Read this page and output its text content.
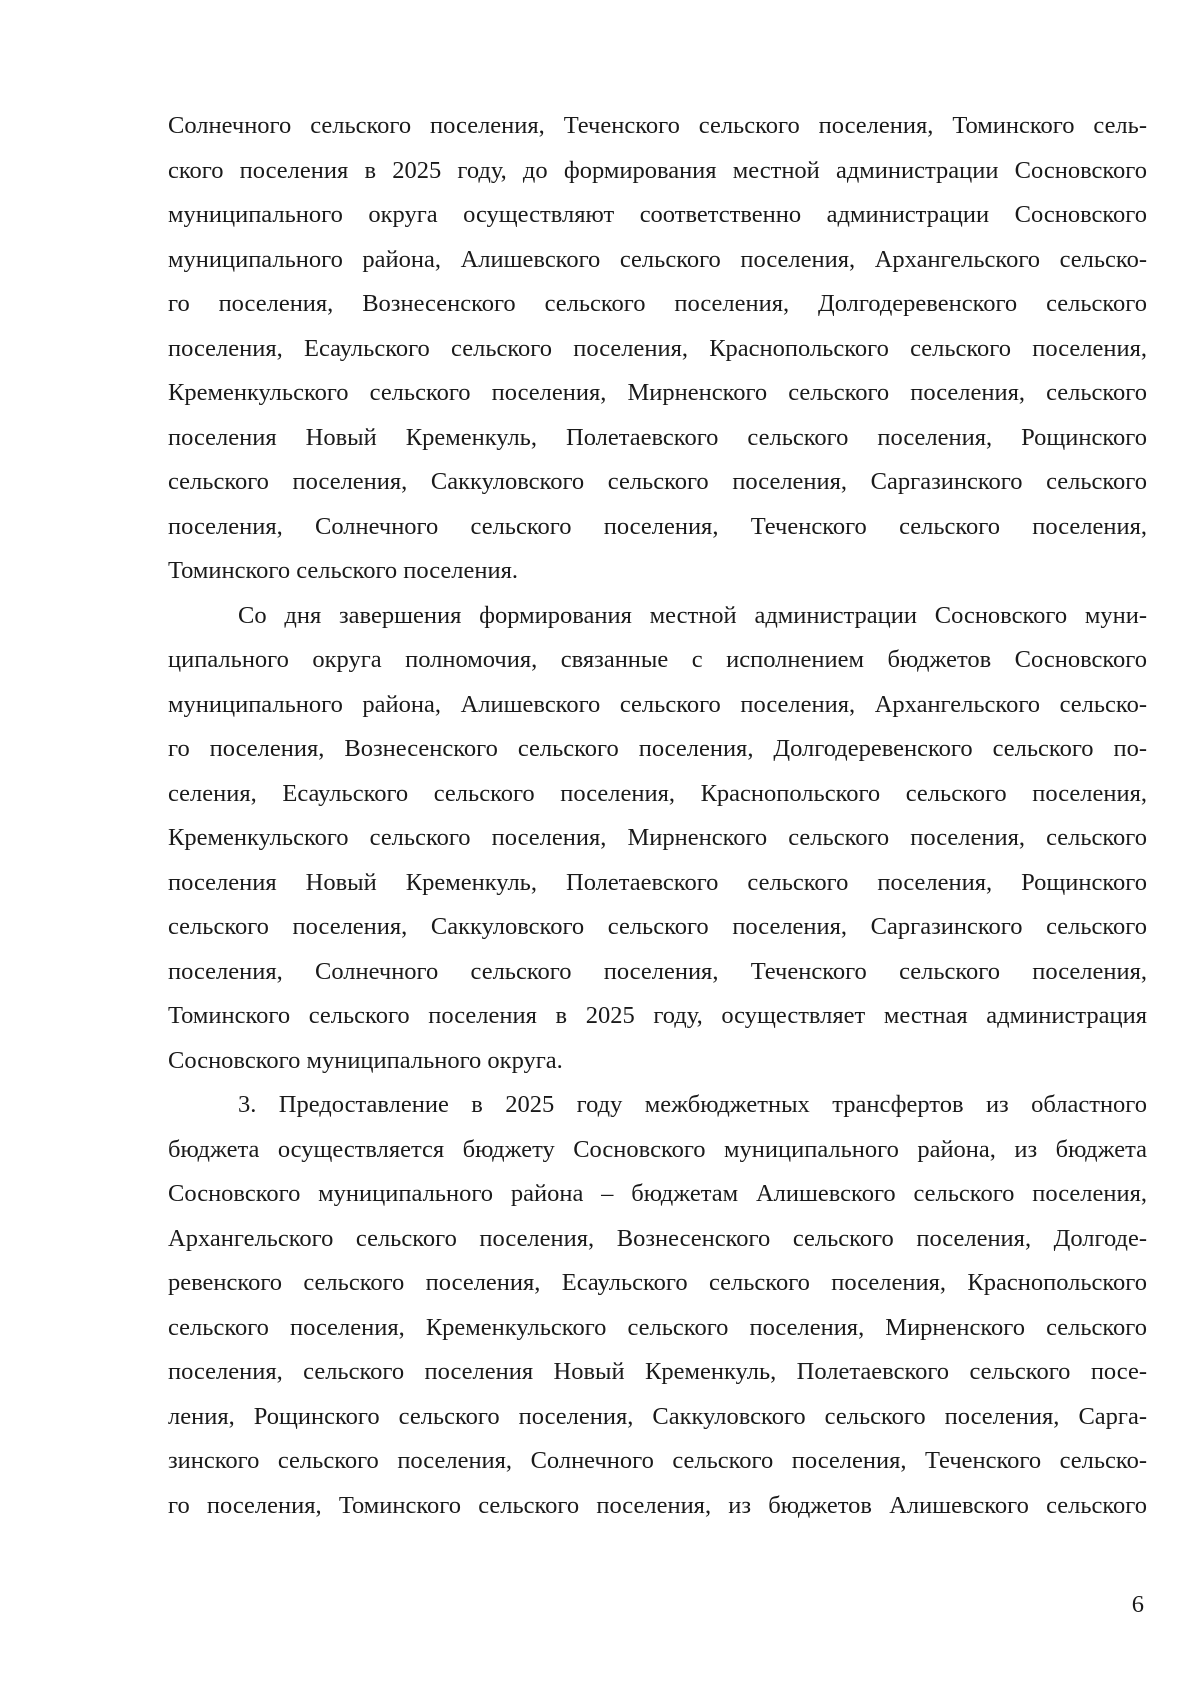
Солнечного сельского поселения, Теченского сельского поселения, Томинского сель-
ского поселения в 2025 году, до формирования местной администрации Сосновского
муниципального округа осуществляют соответственно администрации Сосновского
муниципального района, Алишевского сельского поселения, Архангельского сельско-
го поселения, Вознесенского сельского поселения, Долгодеревенского сельского
поселения, Есаульского сельского поселения, Краснопольского сельского поселения,
Кременкульского сельского поселения, Мирненского сельского поселения, сельского
поселения Новый Кременкуль, Полетаевского сельского поселения, Рощинского
сельского поселения, Саккуловского сельского поселения, Саргазинского сельского
поселения, Солнечного сельского поселения, Теченского сельского поселения,
Томинского сельского поселения.
Со дня завершения формирования местной администрации Сосновского муни-
ципального округа полномочия, связанные с исполнением бюджетов Сосновского
муниципального района, Алишевского сельского поселения, Архангельского сельско-
го поселения, Вознесенского сельского поселения, Долгодеревенского сельского по-
селения, Есаульского сельского поселения, Краснопольского сельского поселения,
Кременкульского сельского поселения, Мирненского сельского поселения, сельского
поселения Новый Кременкуль, Полетаевского сельского поселения, Рощинского
сельского поселения, Саккуловского сельского поселения, Саргазинского сельского
поселения, Солнечного сельского поселения, Теченского сельского поселения,
Томинского сельского поселения в 2025 году, осуществляет местная администрация
Сосновского муниципального округа.
3. Предоставление в 2025 году межбюджетных трансфертов из областного
бюджета осуществляется бюджету Сосновского муниципального района, из бюджета
Сосновского муниципального района – бюджетам Алишевского сельского поселения,
Архангельского сельского поселения, Вознесенского сельского поселения, Долгоде-
ревенского сельского поселения, Есаульского сельского поселения, Краснопольского
сельского поселения, Кременкульского сельского поселения, Мирненского сельского
поселения, сельского поселения Новый Кременкуль, Полетаевского сельского посе-
ления, Рощинского сельского поселения, Саккуловского сельского поселения, Сарга-
зинского сельского поселения, Солнечного сельского поселения, Теченского сельско-
го поселения, Томинского сельского поселения, из бюджетов Алишевского сельского
6
